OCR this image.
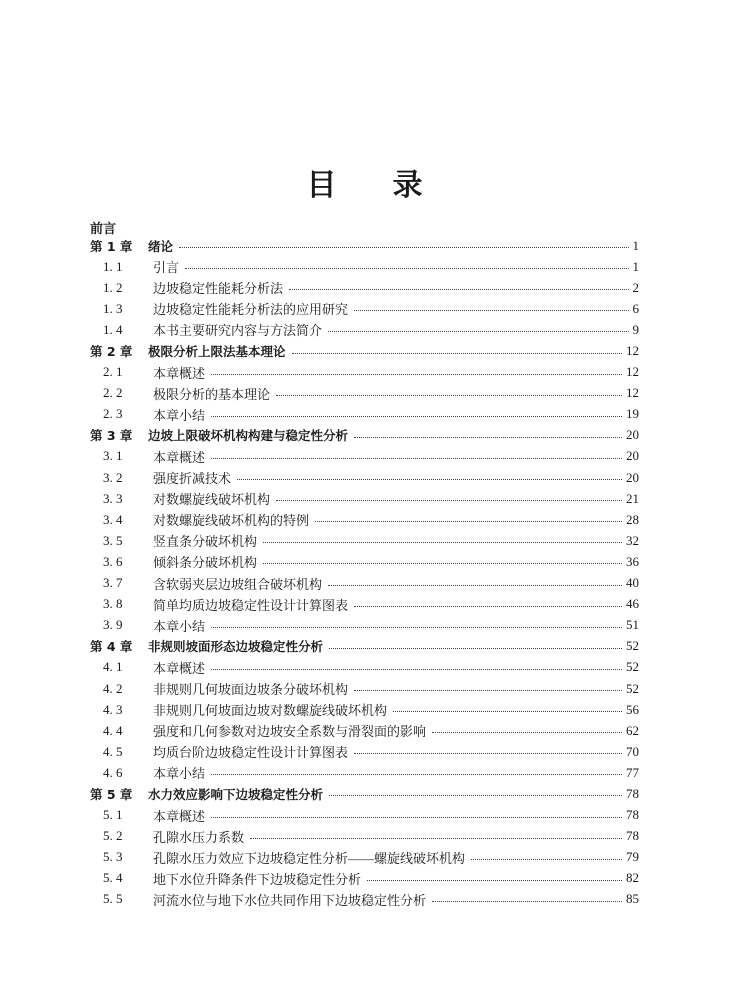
目录
前言
第 1 章	绪论	1
1. 1	引言	1
1. 2	边坡稳定性能耗分析法	2
1. 3	边坡稳定性能耗分析法的应用研究	6
1. 4	本书主要研究内容与方法简介	9
第 2 章	极限分析上限法基本理论	12
2. 1	本章概述	12
2. 2	极限分析的基本理论	12
2. 3	本章小结	19
第 3 章	边坡上限破坏机构构建与稳定性分析	20
3. 1	本章概述	20
3. 2	强度折减技术	20
3. 3	对数螺旋线破坏机构	21
3. 4	对数螺旋线破坏机构的特例	28
3. 5	竖直条分破坏机构	32
3. 6	倾斜条分破坏机构	36
3. 7	含软弱夹层边坡组合破坏机构	40
3. 8	简单均质边坡稳定性设计计算图表	46
3. 9	本章小结	51
第 4 章	非规则坡面形态边坡稳定性分析	52
4. 1	本章概述	52
4. 2	非规则几何坡面边坡条分破坏机构	52
4. 3	非规则几何坡面边坡对数螺旋线破坏机构	56
4. 4	强度和几何参数对边坡安全系数与滑裂面的影响	62
4. 5	均质台阶边坡稳定性设计计算图表	70
4. 6	本章小结	77
第 5 章	水力效应影响下边坡稳定性分析	78
5. 1	本章概述	78
5. 2	孔隙水压力系数	78
5. 3	孔隙水压力效应下边坡稳定性分析——螺旋线破坏机构	79
5. 4	地下水位升降条件下边坡稳定性分析	82
5. 5	河流水位与地下水位共同作用下边坡稳定性分析	85
